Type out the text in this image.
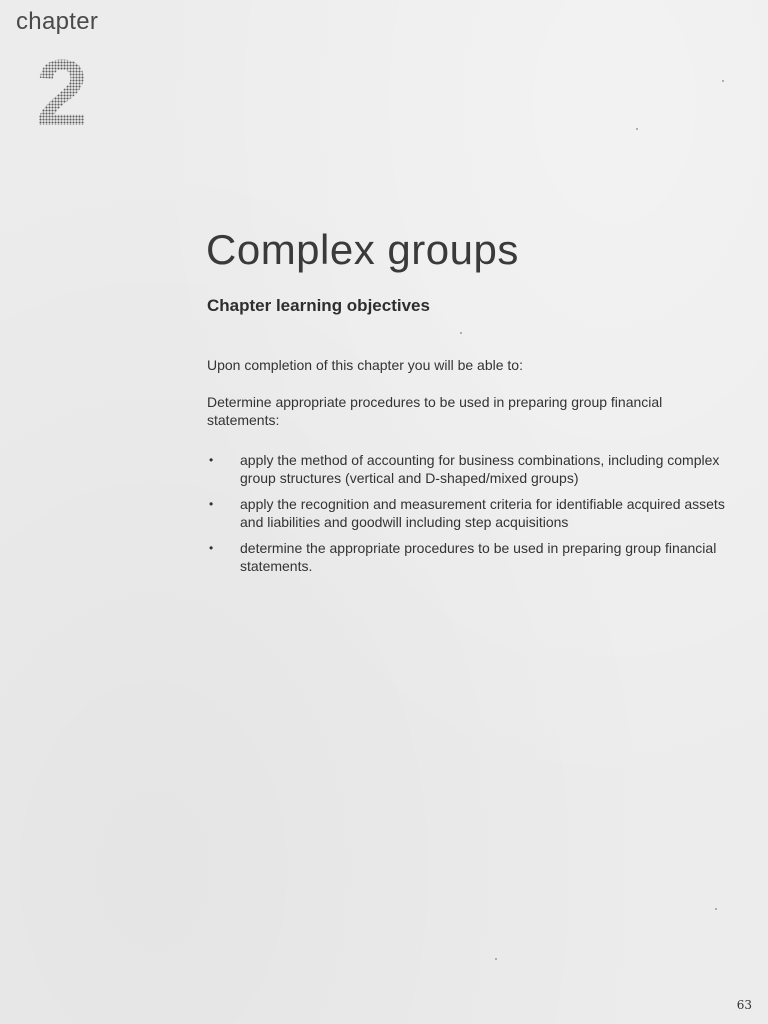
chapter
2
Complex groups
Chapter learning objectives
Upon completion of this chapter you will be able to:
Determine appropriate procedures to be used in preparing group financial statements:
• apply the method of accounting for business combinations, including complex group structures (vertical and D-shaped/mixed groups)
• apply the recognition and measurement criteria for identifiable acquired assets and liabilities and goodwill including step acquisitions
• determine the appropriate procedures to be used in preparing group financial statements.
63
